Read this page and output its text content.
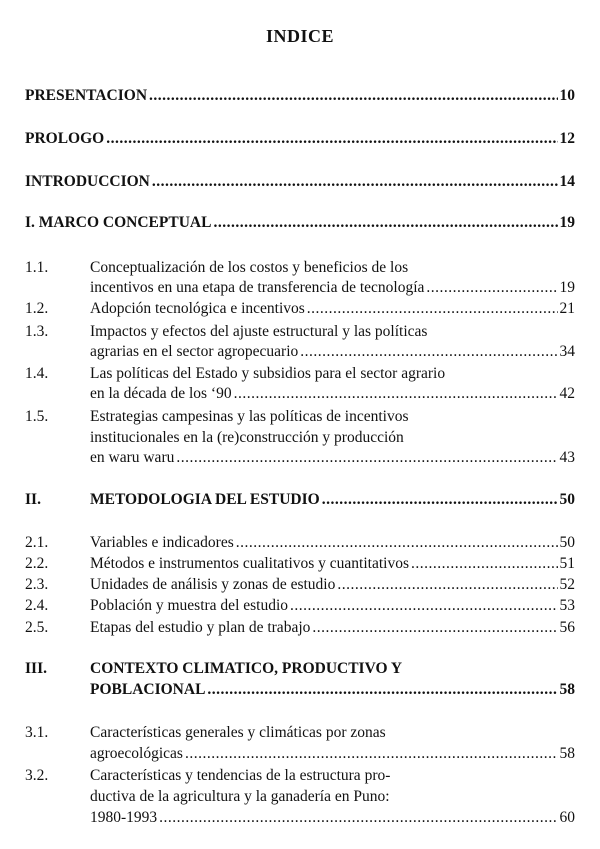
INDICE
PRESENTACION .....	10
PROLOGO .....	12
INTRODUCCION .....	14
I. MARCO CONCEPTUAL .....	19
1.1.	Conceptualización de los costos y beneficios de los
incentivos en una etapa de transferencia de tecnología .....	19
1.2.	Adopción tecnológica e incentivos .....	21
1.3.	Impactos y efectos del ajuste estructural y las políticas
agrarias en el sector agropecuario .....	34
1.4.	Las políticas del Estado y subsidios para el sector agrario
en la década de los ‘90 .....	42
1.5.	Estrategias campesinas y las políticas de incentivos
institucionales en la (re)construcción y producción
en waru waru .....	43
II.	METODOLOGIA DEL ESTUDIO .....	50
2.1.	Variables e indicadores .....	50
2.2.	Métodos e instrumentos cualitativos y cuantitativos .....	51
2.3.	Unidades de análisis y zonas de estudio .....	52
2.4.	Población y muestra del estudio .....	53
2.5.	Etapas del estudio y plan de trabajo .....	56
III.	CONTEXTO CLIMATICO, PRODUCTIVO Y
POBLACIONAL .....	58
3.1.	Características generales y climáticas por zonas
agroecológicas .....	58
3.2.	Características y tendencias de la estructura pro-
ductiva de la agricultura y la ganadería en Puno:
1980-1993 .....	60
